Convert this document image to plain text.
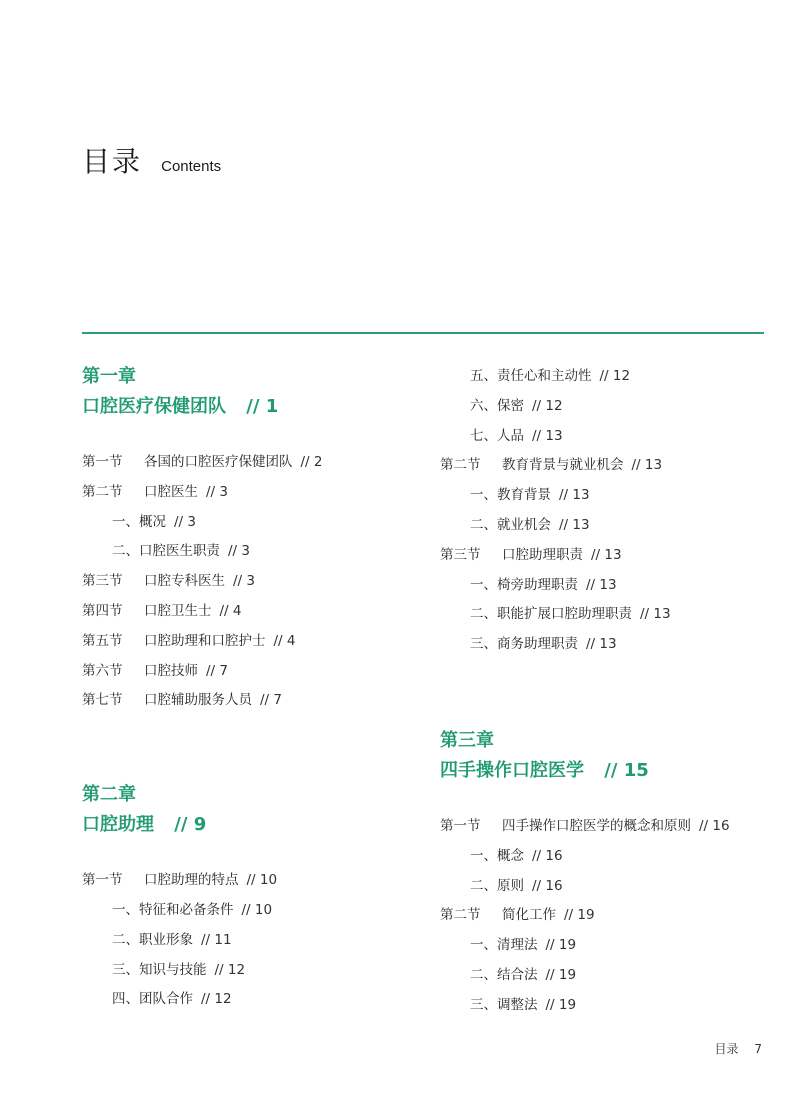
目录 Contents
第一章
口腔医疗保健团队 // 1
第一节 各国的口腔医疗保健团队 // 2
第二节 口腔医生 // 3
一、概况 // 3
二、口腔医生职责 // 3
第三节 口腔专科医生 // 3
第四节 口腔卫生士 // 4
第五节 口腔助理和口腔护士 // 4
第六节 口腔技师 // 7
第七节 口腔辅助服务人员 // 7
第二章
口腔助理 // 9
第一节 口腔助理的特点 // 10
一、特征和必备条件 // 10
二、职业形象 // 11
三、知识与技能 // 12
四、团队合作 // 12
五、责任心和主动性 // 12
六、保密 // 12
七、人品 // 13
第二节 教育背景与就业机会 // 13
一、教育背景 // 13
二、就业机会 // 13
第三节 口腔助理职责 // 13
一、椅旁助理职责 // 13
二、职能扩展口腔助理职责 // 13
三、商务助理职责 // 13
第三章
四手操作口腔医学 // 15
第一节 四手操作口腔医学的概念和原则 // 16
一、概念 // 16
二、原则 // 16
第二节 简化工作 // 19
一、清理法 // 19
二、结合法 // 19
三、调整法 // 19
目录 7
